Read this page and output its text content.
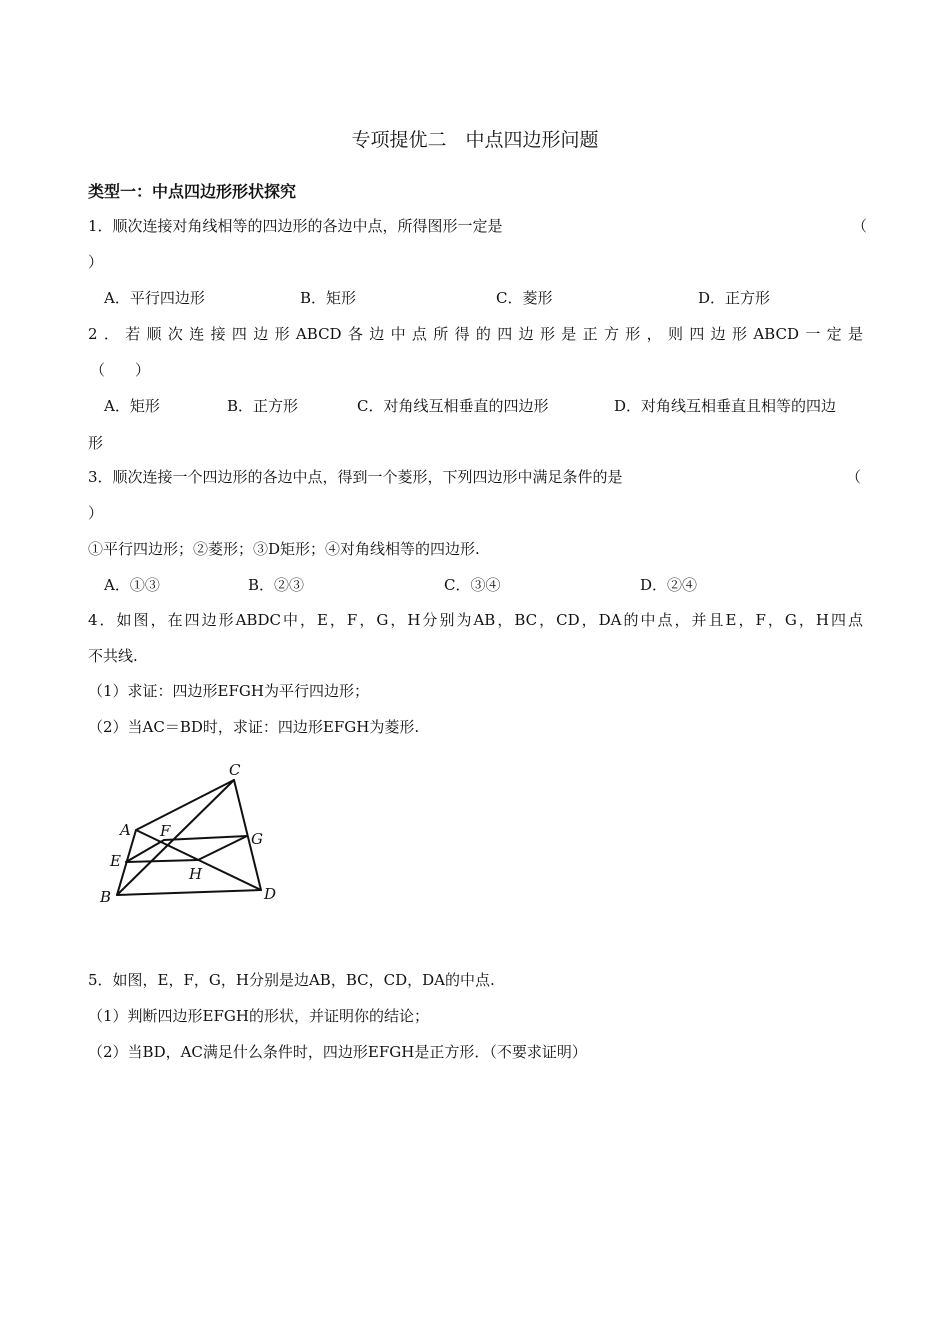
专项提优二　中点四边形问题
类型一：中点四边形形状探究
1．顺次连接对角线相等的四边形的各边中点，所得图形一定是	（
）
A．平行四边形	B．矩形	C．菱形	D．正方形
2．若顺次连接四边形ABCD各边中点所得的四边形是正方形，则四边形ABCD一定是
（　　）
A．矩形	B．正方形	C．对角线互相垂直的四边形	D．对角线互相垂直且相等的四边
形
3．顺次连接一个四边形的各边中点，得到一个菱形，下列四边形中满足条件的是	（
）
①平行四边形；②菱形；③D矩形；④对角线相等的四边形.
A．①③	B．②③	C．③④	D．②④
4．如图，在四边形ABDC中，E，F，G，H分别为AB，BC，CD，DA的中点，并且E，F，G，H四点
不共线.
（1）求证：四边形EFGH为平行四边形；
（2）当AC＝BD时，求证：四边形EFGH为菱形.
A
B
C
D
E
F	G
H
5．如图，E，F，G，H分别是边AB，BC，CD，DA的中点.
（1）判断四边形EFGH的形状，并证明你的结论；
（2）当BD，AC满足什么条件时，四边形EFGH是正方形．（不要求证明）
